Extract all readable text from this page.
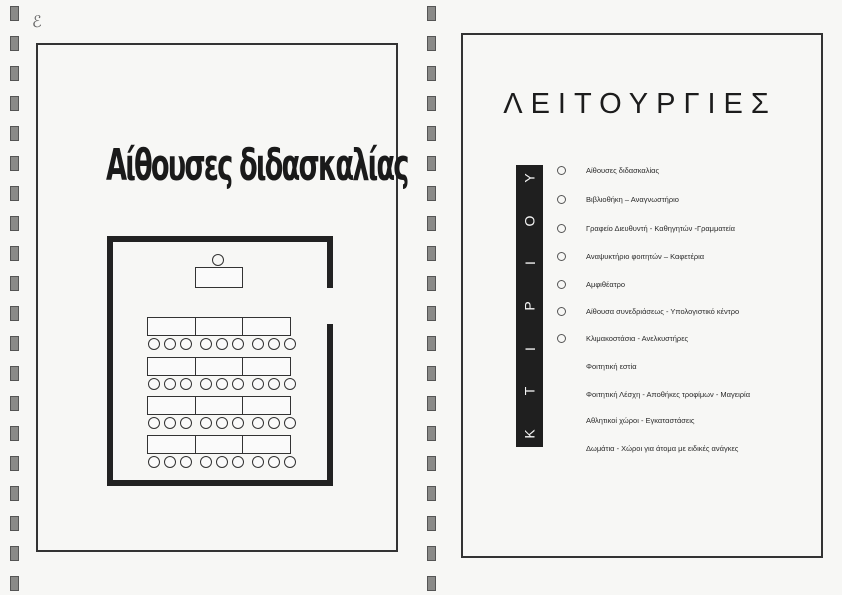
ℰ
Αίθουσες διδασκαλίας
ΛΕΙΤΟΥΡΓΙΕΣ
Υ
Ο
Ι
Ρ
Ι
Τ
Κ
Αίθουσες διδασκαλίας
Βιβλιοθήκη – Αναγνωστήριο
Γραφείο Διευθυντή - Καθηγητών -Γραμματεία
Αναψυκτήριο φοιτητών – Καφετέρια
Αμφιθέατρο
Αίθουσα συνεδριάσεως - Υπολογιστικό κέντρο
Κλιμακοστάσια - Ανελκυστήρες
Φοιτητική εστία
Φοιτητική Λέσχη - Αποθήκες τροφίμων - Μαγειρία
Αθλητικοί χώροι - Εγκαταστάσεις
Δωμάτια - Χώροι για άτομα με ειδικές ανάγκες
